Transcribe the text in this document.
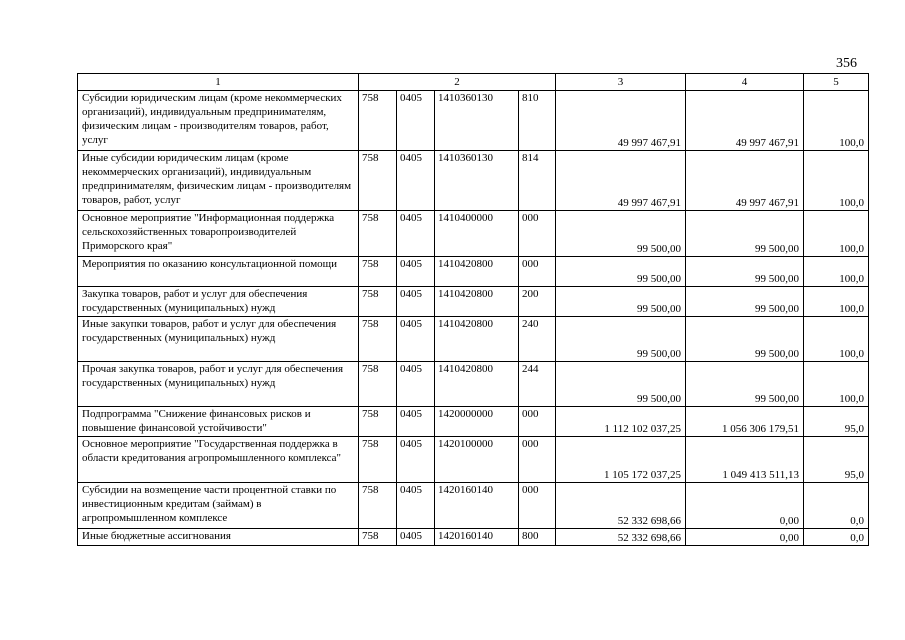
356
1	2				3	4	5
Субсидии юридическим лицам (кроме некоммерческих организаций), индивидуальным предпринимателям, физическим лицам - производителям товаров, работ, услуг	758	0405	1410360130	810	49 997 467,91	49 997 467,91	100,0
Иные субсидии юридическим лицам (кроме некоммерческих организаций), индивидуальным предпринимателям, физическим лицам - производителям товаров, работ, услуг	758	0405	1410360130	814	49 997 467,91	49 997 467,91	100,0
Основное мероприятие "Информационная поддержка сельскохозяйственных товаропроизводителей Приморского края"	758	0405	1410400000	000	99 500,00	99 500,00	100,0
Мероприятия по оказанию консультационной помощи	758	0405	1410420800	000	99 500,00	99 500,00	100,0
Закупка товаров, работ и услуг для обеспечения государственных (муниципальных) нужд	758	0405	1410420800	200	99 500,00	99 500,00	100,0
Иные закупки товаров, работ и услуг для обеспечения государственных (муниципальных) нужд	758	0405	1410420800	240	99 500,00	99 500,00	100,0
Прочая закупка товаров, работ и услуг для обеспечения государственных (муниципальных) нужд	758	0405	1410420800	244	99 500,00	99 500,00	100,0
Подпрограмма "Снижение финансовых рисков и повышение финансовой устойчивости"	758	0405	1420000000	000	1 112 102 037,25	1 056 306 179,51	95,0
Основное мероприятие "Государственная поддержка в области кредитования агропромышленного комплекса"	758	0405	1420100000	000	1 105 172 037,25	1 049 413 511,13	95,0
Субсидии на возмещение части процентной ставки по инвестиционным кредитам (займам) в агропромышленном комплексе	758	0405	1420160140	000	52 332 698,66	0,00	0,0
Иные бюджетные ассигнования	758	0405	1420160140	800	52 332 698,66	0,00	0,0
